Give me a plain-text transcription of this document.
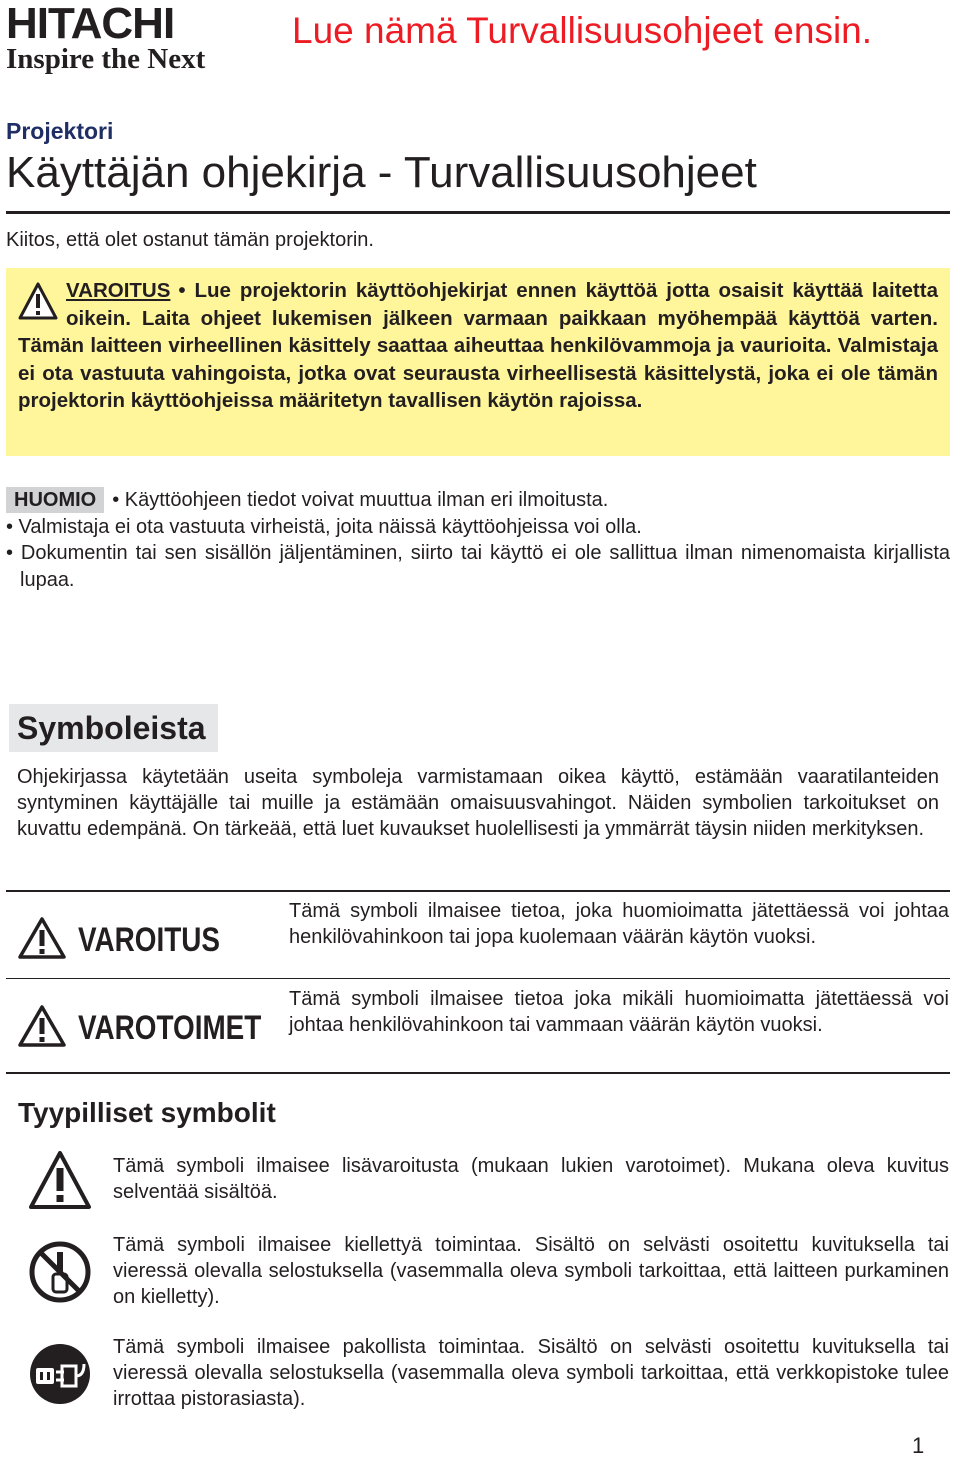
HITACHI
Inspire the Next
Lue nämä Turvallisuusohjeet ensin.
Projektori
Käyttäjän ohjekirja - Turvallisuusohjeet
Kiitos, että olet ostanut tämän projektorin.
VAROITUS • Lue projektorin käyttöohjekirjat ennen käyttöä jotta osaisit käyttää laitetta oikein. Laita ohjeet lukemisen jälkeen varmaan paikkaan myöhempää käyttöä varten. Tämän laitteen virheellinen käsittely saattaa aiheuttaa henkilövammoja ja vaurioita. Valmistaja ei ota vastuuta vahingoista, jotka ovat seurausta virheellisestä käsittelystä, joka ei ole tämän projektorin käyttöohjeissa määritetyn tavallisen käytön rajoissa.
HUOMIO • Käyttöohjeen tiedot voivat muuttua ilman eri ilmoitusta.
• Valmistaja ei ota vastuuta virheistä, joita näissä käyttöohjeissa voi olla.
• Dokumentin tai sen sisällön jäljentäminen, siirto tai käyttö ei ole sallittua ilman nimenomaista kirjallista lupaa.
Symboleista
Ohjekirjassa käytetään useita symboleja varmistamaan oikea käyttö, estämään vaaratilanteiden syntyminen käyttäjälle tai muille ja estämään omaisuusvahingot. Näiden symbolien tarkoitukset on kuvattu edempänä. On tärkeää, että luet kuvaukset huolellisesti ja ymmärrät täysin niiden merkityksen.
VAROITUS
Tämä symboli ilmaisee tietoa, joka huomioimatta jätettäessä voi johtaa henkilövahinkoon tai jopa kuolemaan väärän käytön vuoksi.
VAROTOIMET
Tämä symboli ilmaisee tietoa joka mikäli huomioimatta jätettäessä voi johtaa henkilövahinkoon tai vammaan väärän käytön vuoksi.
Tyypilliset symbolit
Tämä symboli ilmaisee lisävaroitusta (mukaan lukien varotoimet). Mukana oleva kuvitus selventää sisältöä.
Tämä symboli ilmaisee kiellettyä toimintaa. Sisältö on selvästi osoitettu kuvituksella tai vieressä olevalla selostuksella (vasemmalla oleva symboli tarkoittaa, että laitteen purkaminen on kielletty).
Tämä symboli ilmaisee pakollista toimintaa. Sisältö on selvästi osoitettu kuvituksella tai vieressä olevalla selostuksella (vasemmalla oleva symboli tarkoittaa, että verkkopistoke tulee irrottaa pistorasiasta).
1
